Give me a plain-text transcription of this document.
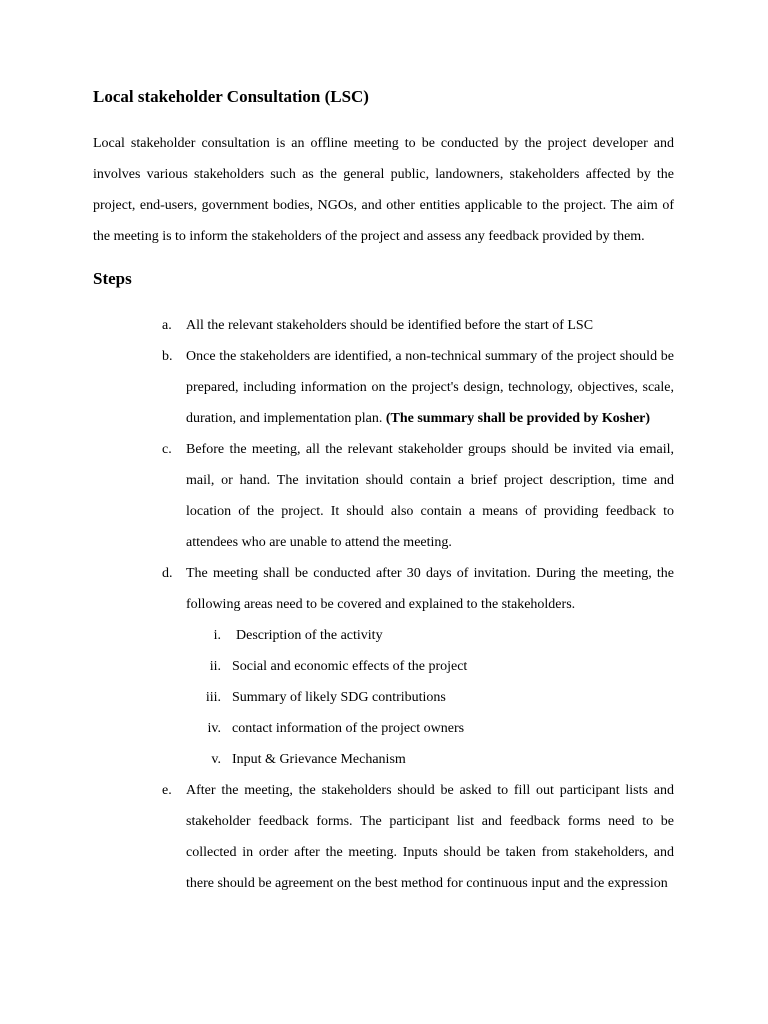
Local stakeholder Consultation (LSC)

Local stakeholder consultation is an offline meeting to be conducted by the project developer and involves various stakeholders such as the general public, landowners, stakeholders affected by the project, end-users, government bodies, NGOs, and other entities applicable to the project. The aim of the meeting is to inform the stakeholders of the project and assess any feedback provided by them.

Steps
a. All the relevant stakeholders should be identified before the start of LSC
b. Once the stakeholders are identified, a non-technical summary of the project should be prepared, including information on the project's design, technology, objectives, scale, duration, and implementation plan. (The summary shall be provided by Kosher)
c. Before the meeting, all the relevant stakeholder groups should be invited via email, mail, or hand. The invitation should contain a brief project description, time and location of the project. It should also contain a means of providing feedback to attendees who are unable to attend the meeting.
d. The meeting shall be conducted after 30 days of invitation. During the meeting, the following areas need to be covered and explained to the stakeholders.
i. Description of the activity
ii. Social and economic effects of the project
iii. Summary of likely SDG contributions
iv. contact information of the project owners
v. Input & Grievance Mechanism
e. After the meeting, the stakeholders should be asked to fill out participant lists and stakeholder feedback forms. The participant list and feedback forms need to be collected in order after the meeting. Inputs should be taken from stakeholders, and there should be agreement on the best method for continuous input and the expression
